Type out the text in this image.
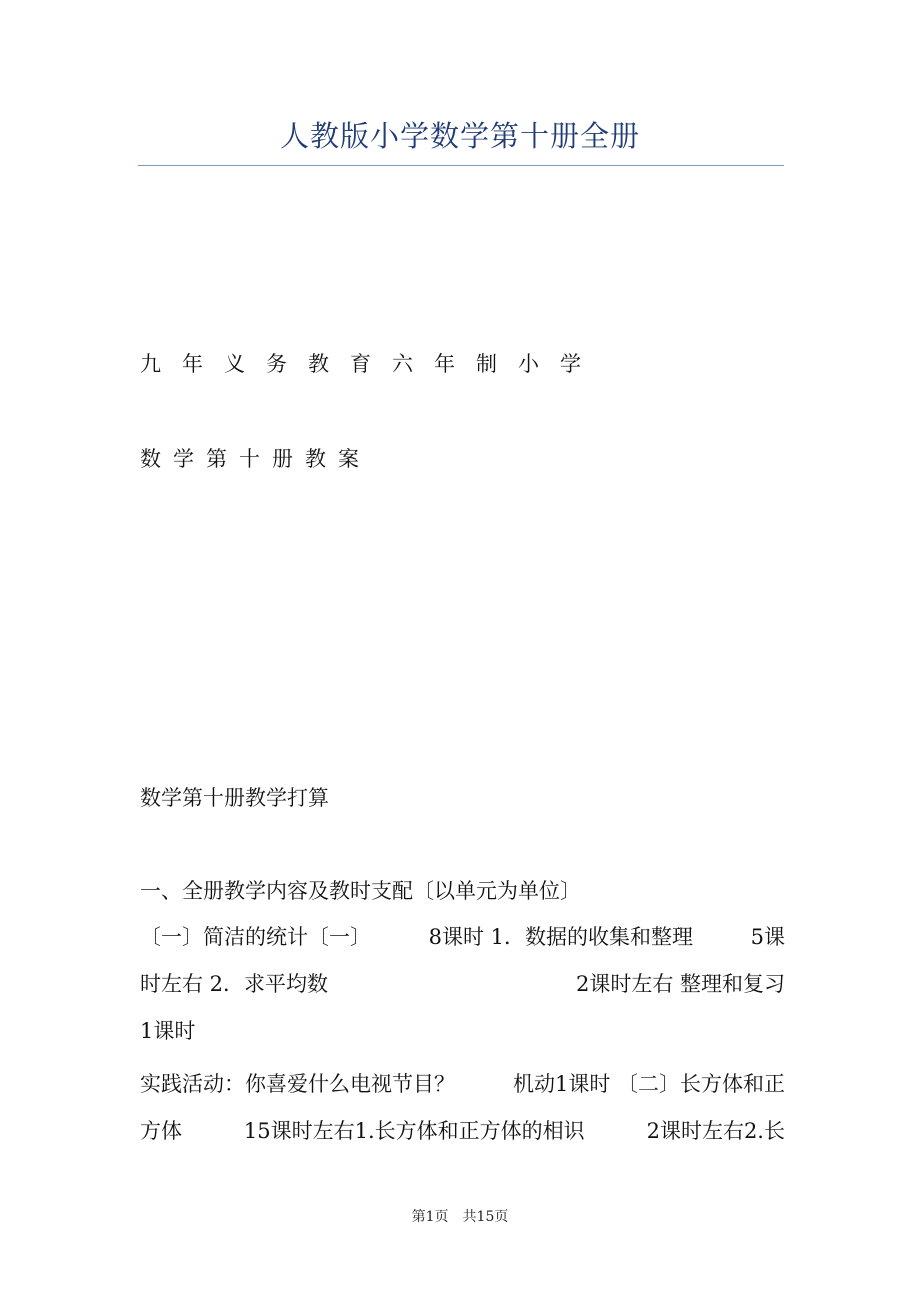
人教版小学数学第十册全册
九年义务教育六年制小学
数学第十册教案
数学第十册教学打算
一、全册教学内容及教时支配〔以单元为单位〕
〔一〕简洁的统计〔一〕	8课时 1．数据的收集和整理	5课
时左右 2．求平均数	2课时左右 整理和复习
1课时
实践活动：你喜爱什么电视节目？	机动1课时 〔二〕长方体和正
方体	15课时左右1.长方体和正方体的相识	2课时左右2.长
第1页　共15页
